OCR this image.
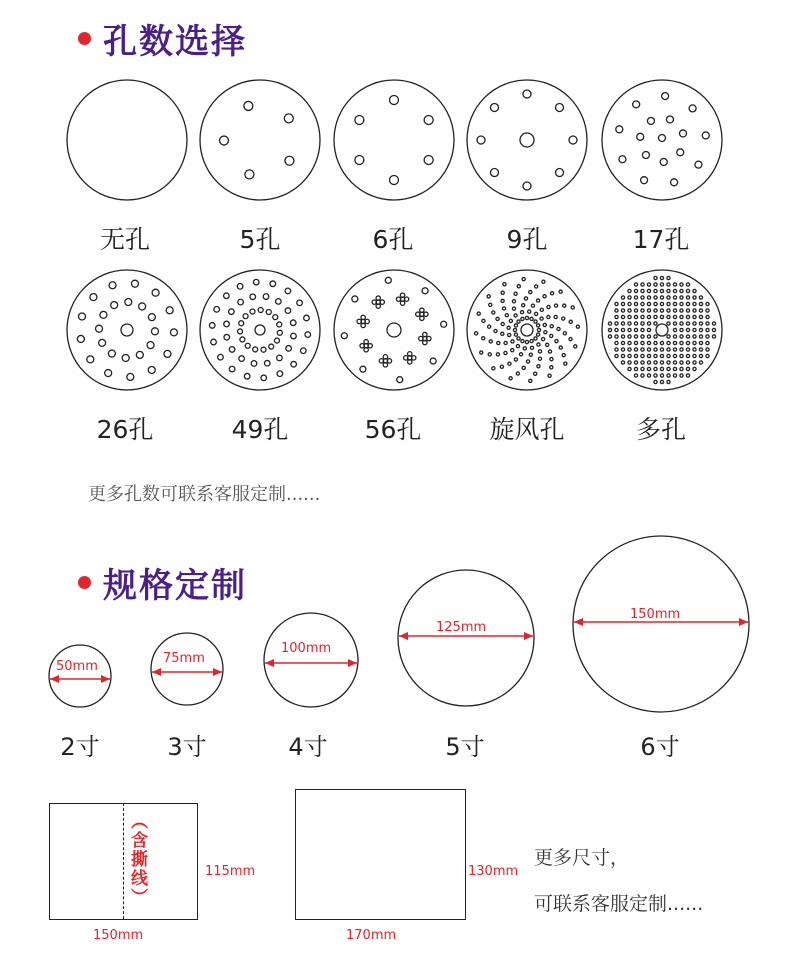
孔数选择
无孔	5孔	6孔	9孔	17孔
26孔	49孔	56孔	旋风孔	多孔
更多孔数可联系客服定制......
规格定制
50mm
75mm
100mm
125mm
150mm
2寸	3寸	4寸	5寸	6寸
（含撕线）	115mm
150mm
130mm
170mm
更多尺寸，
可联系客服定制......
